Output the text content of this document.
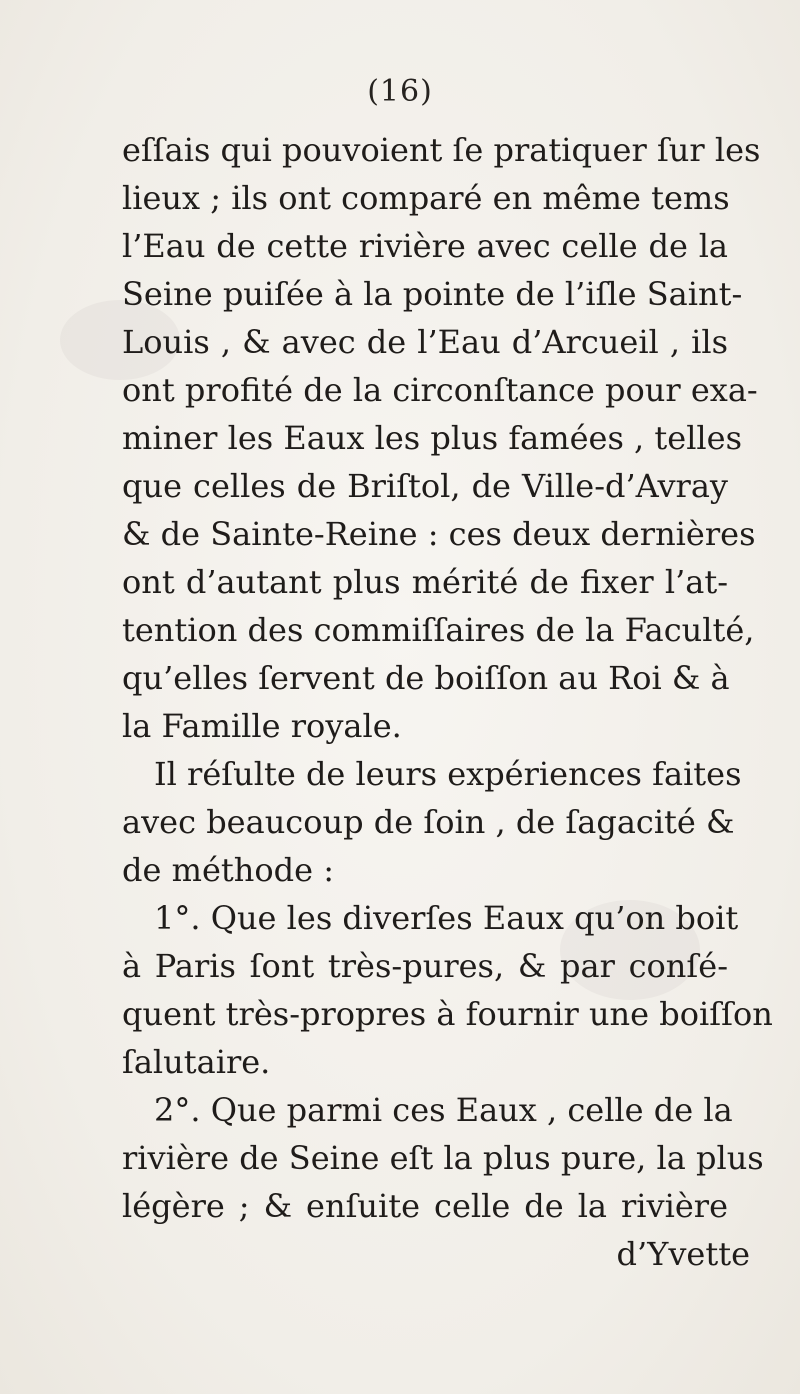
(16)
eſſais qui pouvoient ſe pratiquer ſur les
lieux ; ils ont comparé en même tems
l’Eau de cette rivière avec celle de la
Seine puiſée à la pointe de l’iſle Saint-
Louis , & avec de l’Eau d’Arcueil , ils
ont profité de la circonſtance pour exa-
miner les Eaux les plus famées , telles
que celles de Briſtol, de Ville-d’Avray
& de Sainte-Reine : ces deux dernières
ont d’autant plus mérité de fixer l’at-
tention des commiſſaires de la Faculté,
qu’elles ſervent de boiſſon au Roi & à
la Famille royale.
Il réſulte de leurs expériences faites
avec beaucoup de ſoin , de ſagacité &
de méthode :
1°. Que les diverſes Eaux qu’on boit
à Paris ſont très-pures, & par conſé-
quent très-propres à fournir une boiſſon
ſalutaire.
2°. Que parmi ces Eaux , celle de la
rivière de Seine eſt la plus pure, la plus
légère ; & enſuite celle de la rivière
d’Yvette
